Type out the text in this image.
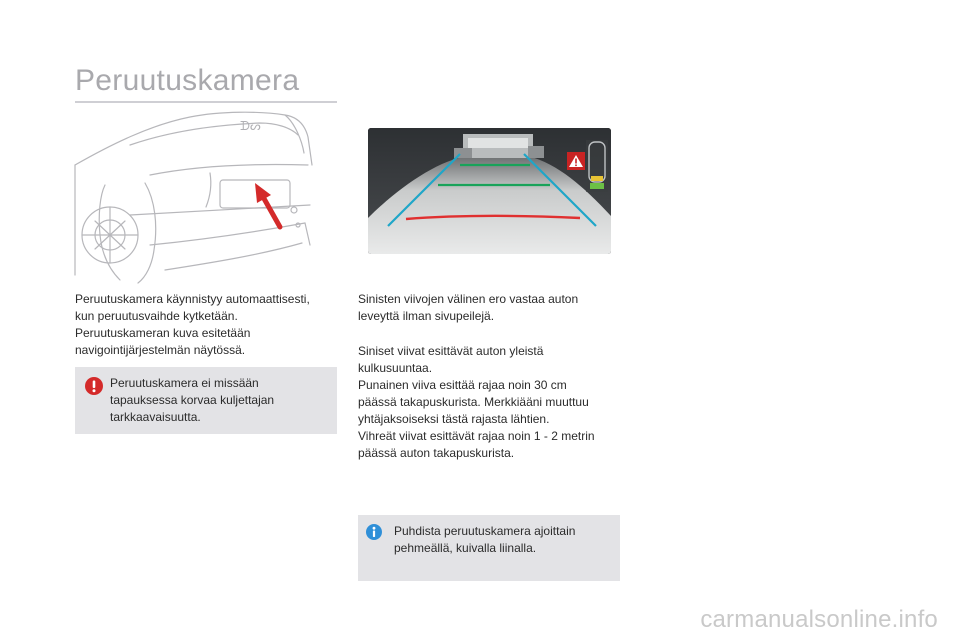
Peruutuskamera
ᗪᔕ
Peruutuskamera käynnistyy automaattisesti,
kun peruutusvaihde kytketään.
Peruutuskameran kuva esitetään
navigointijärjestelmän näytössä.
Peruutuskamera ei missään
tapauksessa korvaa kuljettajan
tarkkaavaisuutta.
Sinisten viivojen välinen ero vastaa auton
leveyttä ilman sivupeilejä.
Siniset viivat esittävät auton yleistä
kulkusuuntaa.
Punainen viiva esittää rajaa noin 30 cm
päässä takapuskurista. Merkkiääni muuttuu
yhtäjaksoiseksi tästä rajasta lähtien.
Vihreät viivat esittävät rajaa noin 1 - 2 metrin
päässä auton takapuskurista.
Puhdista peruutuskamera ajoittain
pehmeällä, kuivalla liinalla.
carmanualsonline.info
